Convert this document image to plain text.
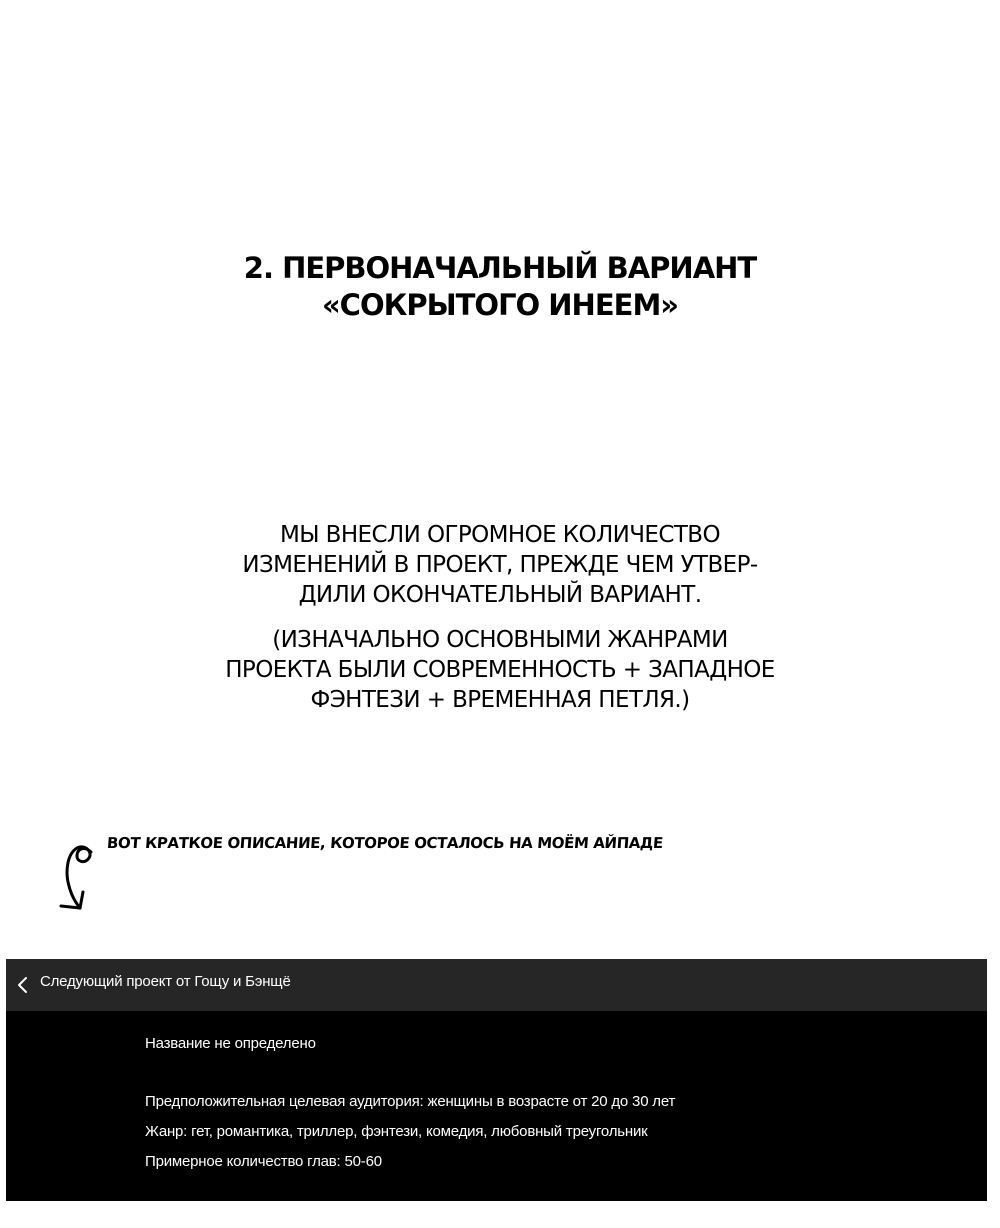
2. ПЕРВОНАЧАЛЬНЫЙ ВАРИАНТ
«СОКРЫТОГО ИНЕЕМ»
МЫ ВНЕСЛИ ОГРОМНОЕ КОЛИЧЕСТВО
ИЗМЕНЕНИЙ В ПРОЕКТ, ПРЕЖДЕ ЧЕМ УТВЕР-
ДИЛИ ОКОНЧАТЕЛЬНЫЙ ВАРИАНТ.
(ИЗНАЧАЛЬНО ОСНОВНЫМИ ЖАНРАМИ
ПРОЕКТА БЫЛИ СОВРЕМЕННОСТЬ + ЗАПАДНОЕ
ФЭНТЕЗИ + ВРЕМЕННАЯ ПЕТЛЯ.)
ВОТ КРАТКОЕ ОПИСАНИЕ, КОТОРОЕ ОСТАЛОСЬ НА МОЁМ АЙПАДЕ
Следующий проект от Гощу и Бэнщё
Название не определено
Предположительная целевая аудитория: женщины в возрасте от 20 до 30 лет
Жанр: гет, романтика, триллер, фэнтези, комедия, любовный треугольник
Примерное количество глав: 50-60
